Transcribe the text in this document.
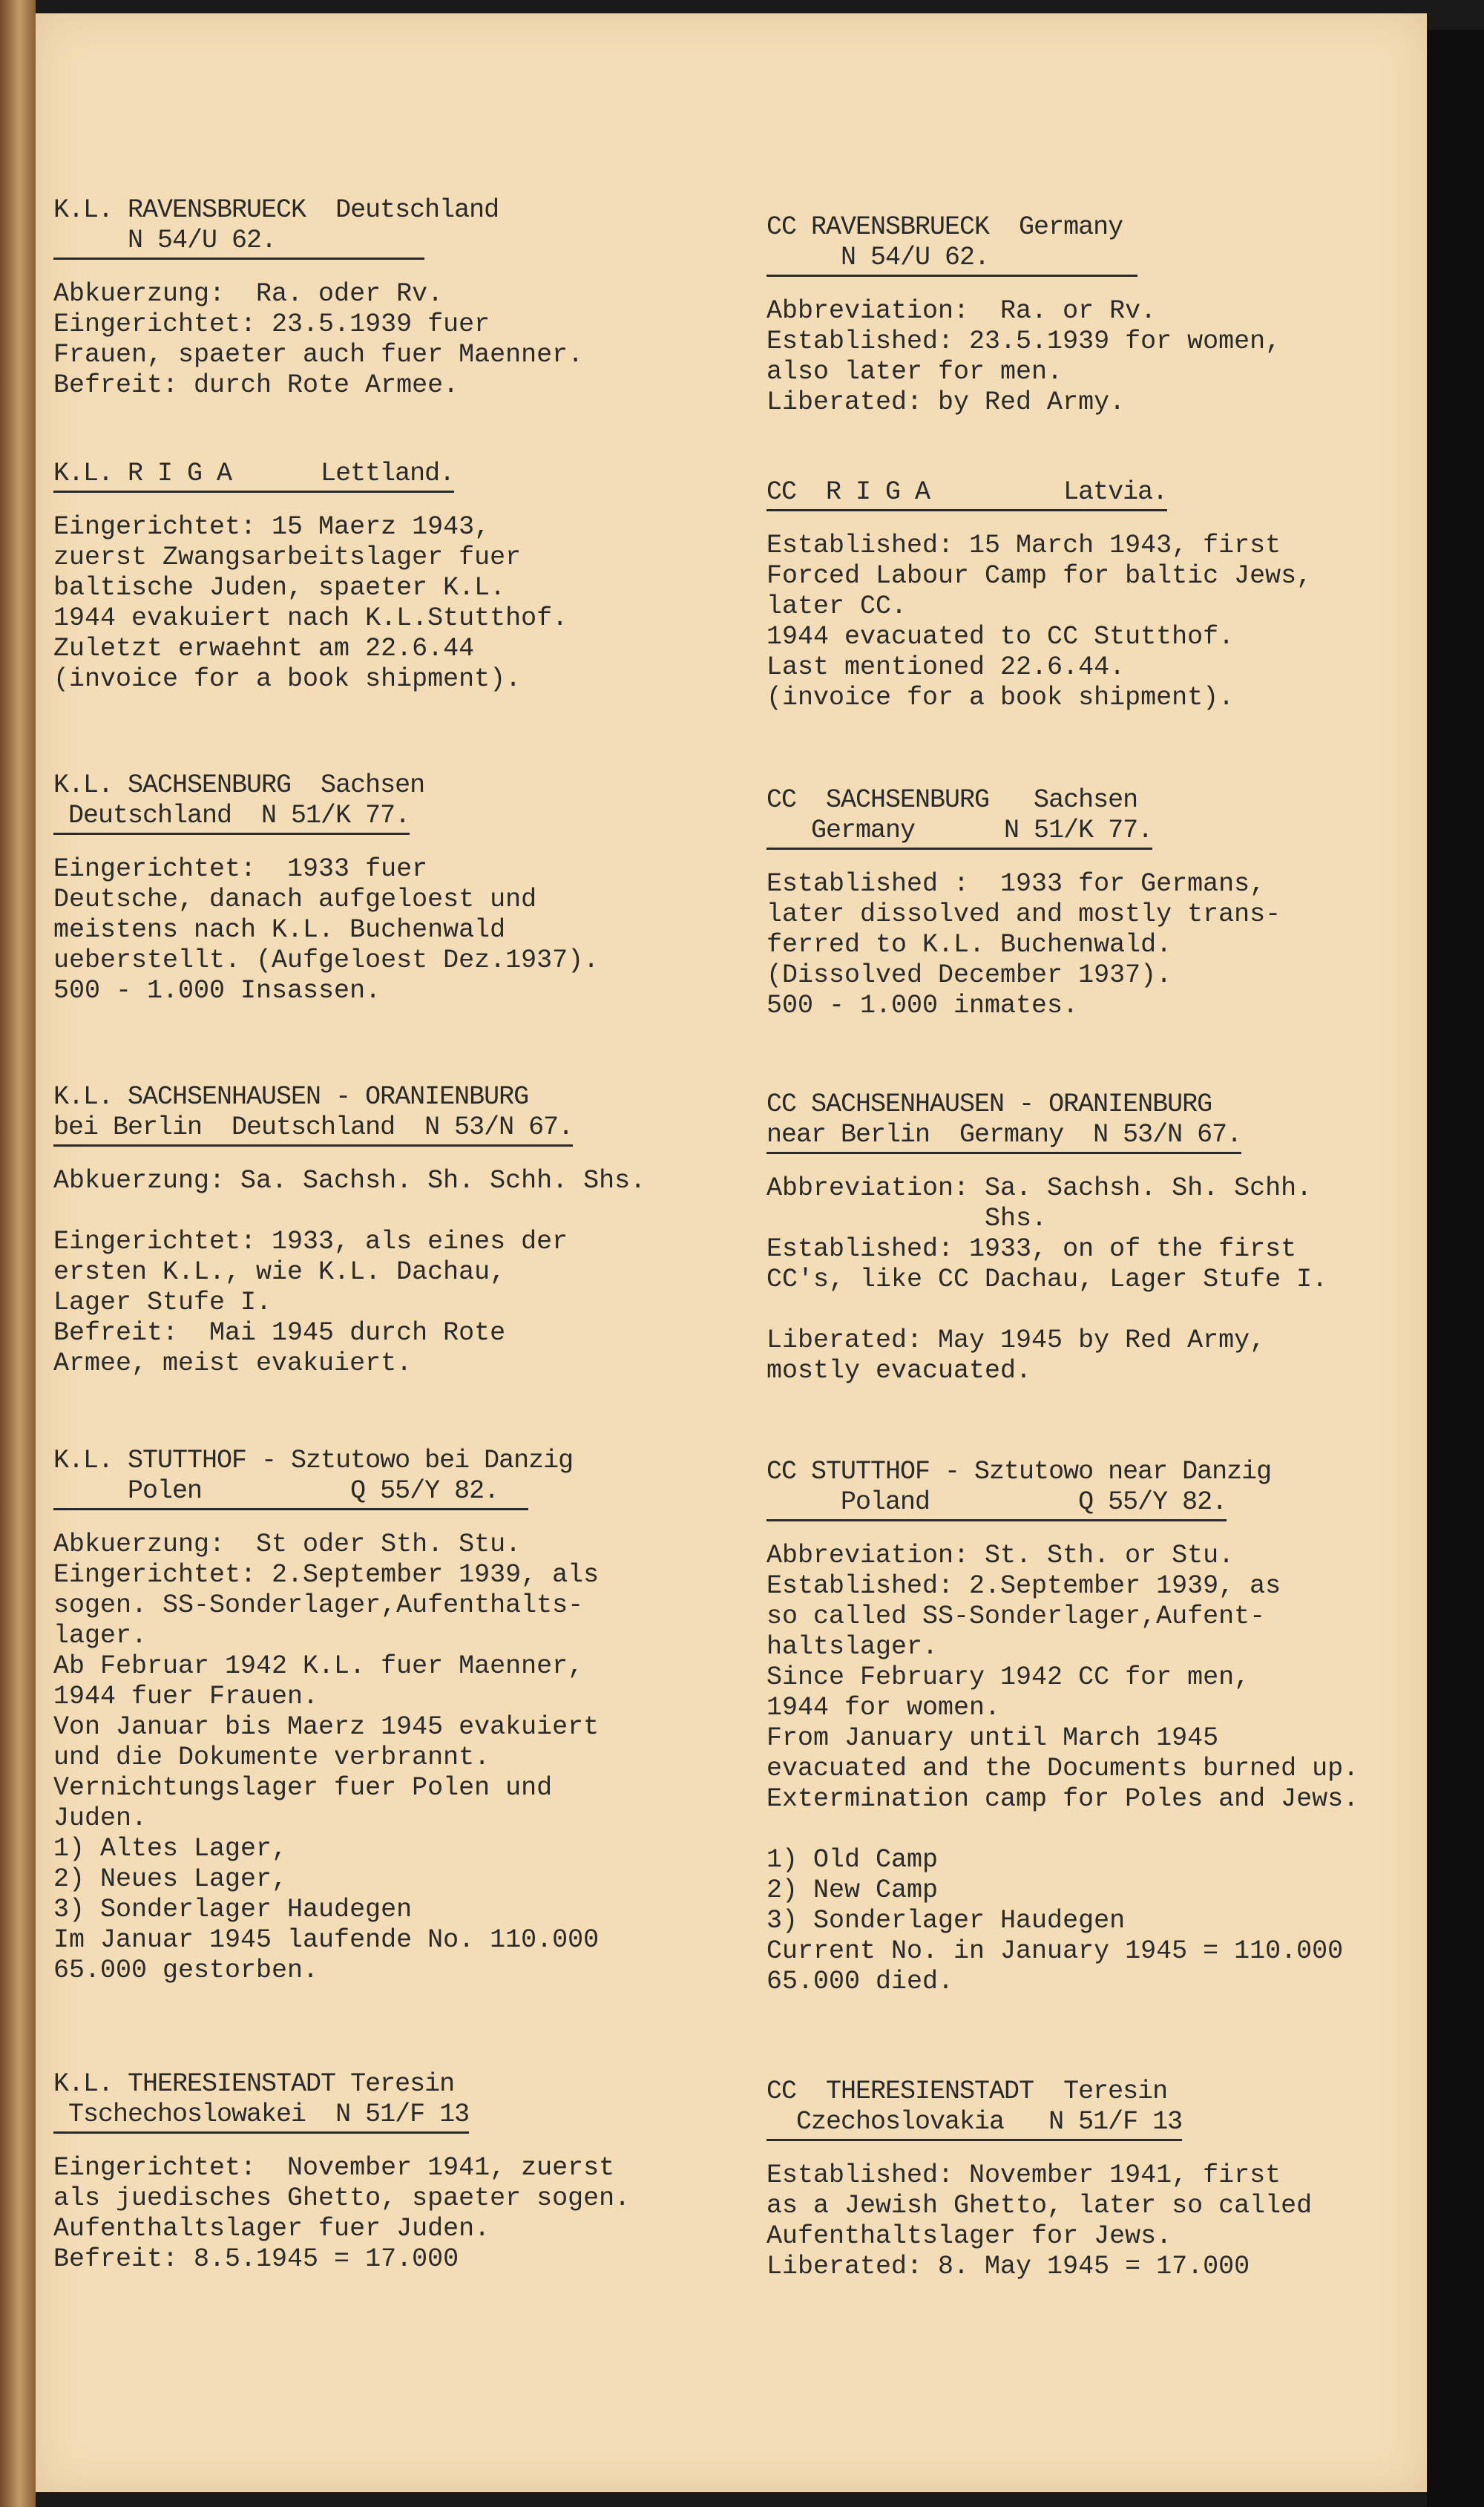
K.L. RAVENSBRUECK  Deutschland
N 54/U 62.
Abkuerzung:  Ra. oder Rv.
Eingerichtet: 23.5.1939 fuer
Frauen, spaeter auch fuer Maenner.
Befreit: durch Rote Armee.
K.L. R I G A      Lettland.
Eingerichtet: 15 Maerz 1943,
zuerst Zwangsarbeitslager fuer
baltische Juden, spaeter K.L.
1944 evakuiert nach K.L.Stutthof.
Zuletzt erwaehnt am 22.6.44
(invoice for a book shipment).
K.L. SACHSENBURG  Sachsen
Deutschland  N 51/K 77.
Eingerichtet:  1933 fuer
Deutsche, danach aufgeloest und
meistens nach K.L. Buchenwald
ueberstellt. (Aufgeloest Dez.1937).
500 - 1.000 Insassen.
K.L. SACHSENHAUSEN - ORANIENBURG
bei Berlin  Deutschland  N 53/N 67.
Abkuerzung: Sa. Sachsh. Sh. Schh. Shs.

Eingerichtet: 1933, als eines der
ersten K.L., wie K.L. Dachau,
Lager Stufe I.
Befreit:  Mai 1945 durch Rote
Armee, meist evakuiert.
K.L. STUTTHOF - Sztutowo bei Danzig
Polen          Q 55/Y 82.
Abkuerzung:  St oder Sth. Stu.
Eingerichtet: 2.September 1939, als
sogen. SS-Sonderlager,Aufenthalts-
lager.
Ab Februar 1942 K.L. fuer Maenner,
1944 fuer Frauen.
Von Januar bis Maerz 1945 evakuiert
und die Dokumente verbrannt.
Vernichtungslager fuer Polen und
Juden.
1) Altes Lager,
2) Neues Lager,
3) Sonderlager Haudegen
Im Januar 1945 laufende No. 110.000
65.000 gestorben.
K.L. THERESIENSTADT Teresin
Tschechoslowakei  N 51/F 13
Eingerichtet:  November 1941, zuerst
als juedisches Ghetto, spaeter sogen.
Aufenthaltslager fuer Juden.
Befreit: 8.5.1945 = 17.000
CC RAVENSBRUECK  Germany
N 54/U 62.
Abbreviation:  Ra. or Rv.
Established: 23.5.1939 for women,
also later for men.
Liberated: by Red Army.
CC  R I G A         Latvia.
Established: 15 March 1943, first
Forced Labour Camp for baltic Jews,
later CC.
1944 evacuated to CC Stutthof.
Last mentioned 22.6.44.
(invoice for a book shipment).
CC  SACHSENBURG   Sachsen
Germany      N 51/K 77.
Established :  1933 for Germans,
later dissolved and mostly trans-
ferred to K.L. Buchenwald.
(Dissolved December 1937).
500 - 1.000 inmates.
CC SACHSENHAUSEN - ORANIENBURG
near Berlin  Germany  N 53/N 67.
Abbreviation: Sa. Sachsh. Sh. Schh.
Shs.
Established: 1933, on of the first
CC's, like CC Dachau, Lager Stufe I.

Liberated: May 1945 by Red Army,
mostly evacuated.
CC STUTTHOF - Sztutowo near Danzig
Poland          Q 55/Y 82.
Abbreviation: St. Sth. or Stu.
Established: 2.September 1939, as
so called SS-Sonderlager,Aufent-
haltslager.
Since February 1942 CC for men,
1944 for women.
From January until March 1945
evacuated and the Documents burned up.
Extermination camp for Poles and Jews.

1) Old Camp
2) New Camp
3) Sonderlager Haudegen
Current No. in January 1945 = 110.000
65.000 died.
CC  THERESIENSTADT  Teresin
Czechoslovakia   N 51/F 13
Established: November 1941, first
as a Jewish Ghetto, later so called
Aufenthaltslager for Jews.
Liberated: 8. May 1945 = 17.000
